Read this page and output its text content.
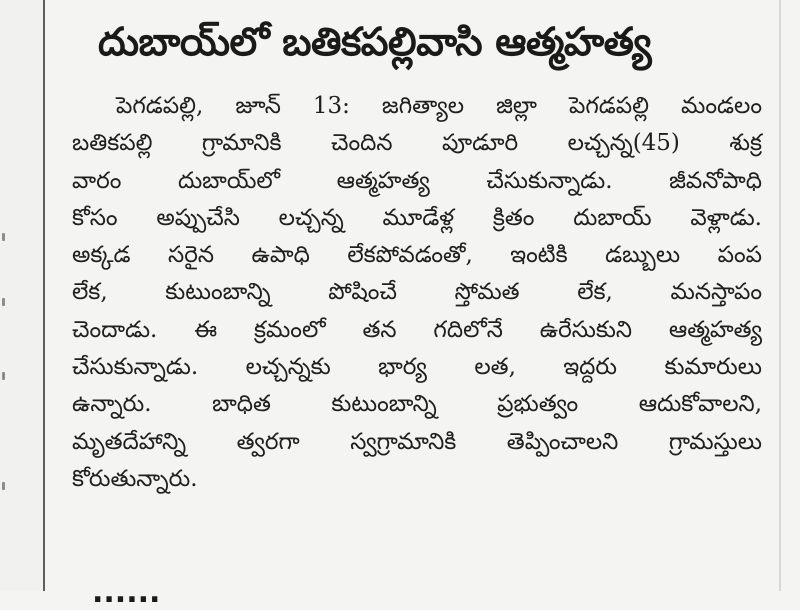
దుబాయ్‌లో బతికపల్లివాసి ఆత్మహత్య
పెగడపల్లి, జూన్ 13: జగిత్యాల జిల్లా పెగడపల్లి మండలం
బతికపల్లి గ్రామానికి చెందిన పూడూరి లచ్చన్న(45) శుక్ర
వారం దుబాయ్‌లో ఆత్మహత్య చేసుకున్నాడు. జీవనోపాధి
కోసం అప్పుచేసి లచ్చన్న మూడేళ్ల క్రితం దుబాయ్ వెళ్లాడు.
అక్కడ సరైన ఉపాధి లేకపోవడంతో, ఇంటికి డబ్బులు పంప
లేక, కుటుంబాన్ని పోషించే స్తోమత లేక, మనస్తాపం
చెందాడు. ఈ క్రమంలో తన గదిలోనే ఉరేసుకుని ఆత్మహత్య
చేసుకున్నాడు. లచ్చన్నకు భార్య లత, ఇద్దరు కుమారులు
ఉన్నారు. బాధిత కుటుంబాన్ని ప్రభుత్వం ఆదుకోవాలని,
మృతదేహాన్ని త్వరగా స్వగ్రామానికి తెప్పించాలని గ్రామస్తులు
కోరుతున్నారు.
......
